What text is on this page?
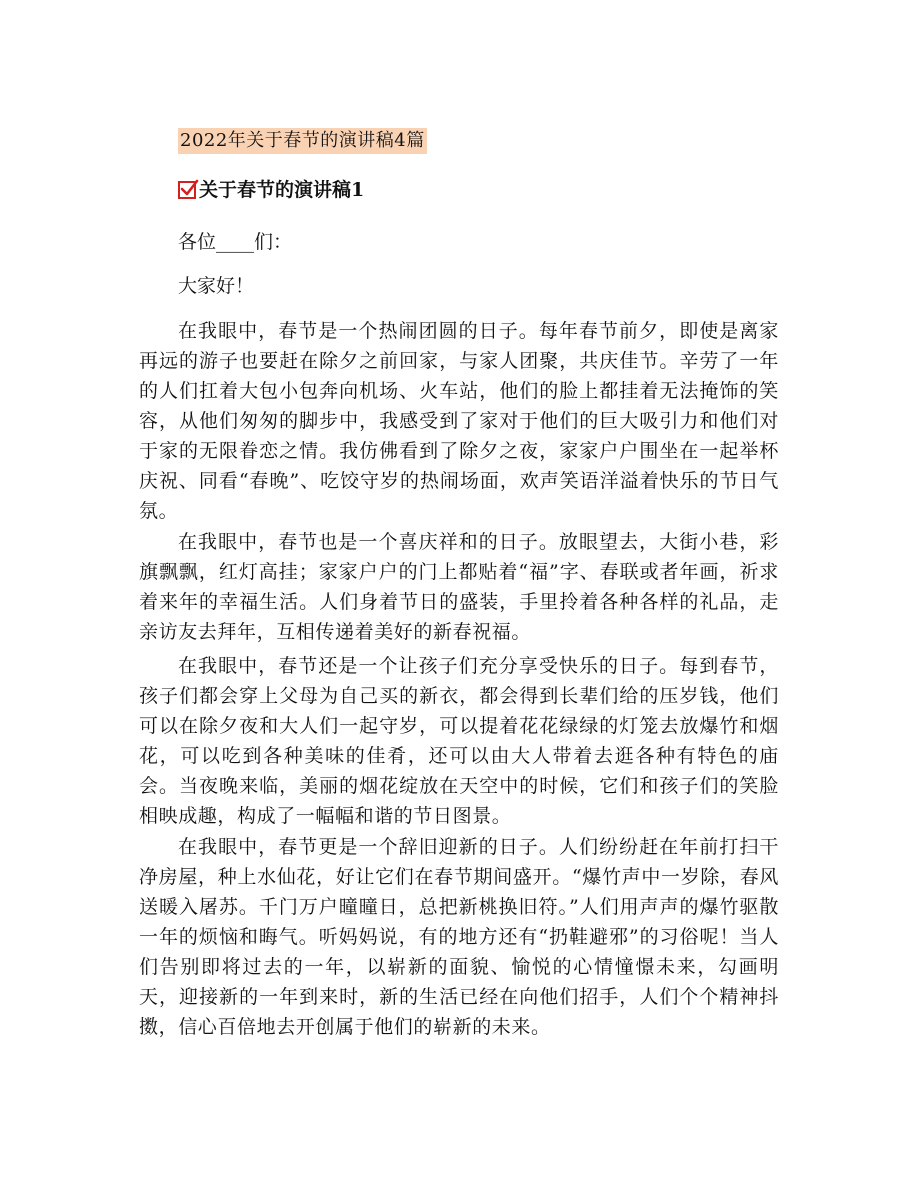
2022年关于春节的演讲稿4篇
关于春节的演讲稿1
各位____们：
大家好！
在我眼中，春节是一个热闹团圆的日子。每年春节前夕，即使是离家再远的游子也要赶在除夕之前回家，与家人团聚，共庆佳节。辛劳了一年的人们扛着大包小包奔向机场、火车站，他们的脸上都挂着无法掩饰的笑容，从他们匆匆的脚步中，我感受到了家对于他们的巨大吸引力和他们对于家的无限眷恋之情。我仿佛看到了除夕之夜，家家户户围坐在一起举杯庆祝、同看“春晚”、吃饺守岁的热闹场面，欢声笑语洋溢着快乐的节日气氛。
在我眼中，春节也是一个喜庆祥和的日子。放眼望去，大街小巷，彩旗飘飘，红灯高挂；家家户户的门上都贴着“福”字、春联或者年画，祈求着来年的幸福生活。人们身着节日的盛装，手里拎着各种各样的礼品，走亲访友去拜年，互相传递着美好的新春祝福。
在我眼中，春节还是一个让孩子们充分享受快乐的日子。每到春节，孩子们都会穿上父母为自己买的新衣，都会得到长辈们给的压岁钱，他们可以在除夕夜和大人们一起守岁，可以提着花花绿绿的灯笼去放爆竹和烟花，可以吃到各种美味的佳肴，还可以由大人带着去逛各种有特色的庙会。当夜晚来临，美丽的烟花绽放在天空中的时候，它们和孩子们的笑脸相映成趣，构成了一幅幅和谐的节日图景。
在我眼中，春节更是一个辞旧迎新的日子。人们纷纷赶在年前打扫干净房屋，种上水仙花，好让它们在春节期间盛开。“爆竹声中一岁除，春风送暖入屠苏。千门万户曈曈日，总把新桃换旧符。”人们用声声的爆竹驱散一年的烦恼和晦气。听妈妈说，有的地方还有“扔鞋避邪”的习俗呢！当人们告别即将过去的一年，以崭新的面貌、愉悦的心情憧憬未来，勾画明天，迎接新的一年到来时，新的生活已经在向他们招手，人们个个精神抖擞，信心百倍地去开创属于他们的崭新的未来。
